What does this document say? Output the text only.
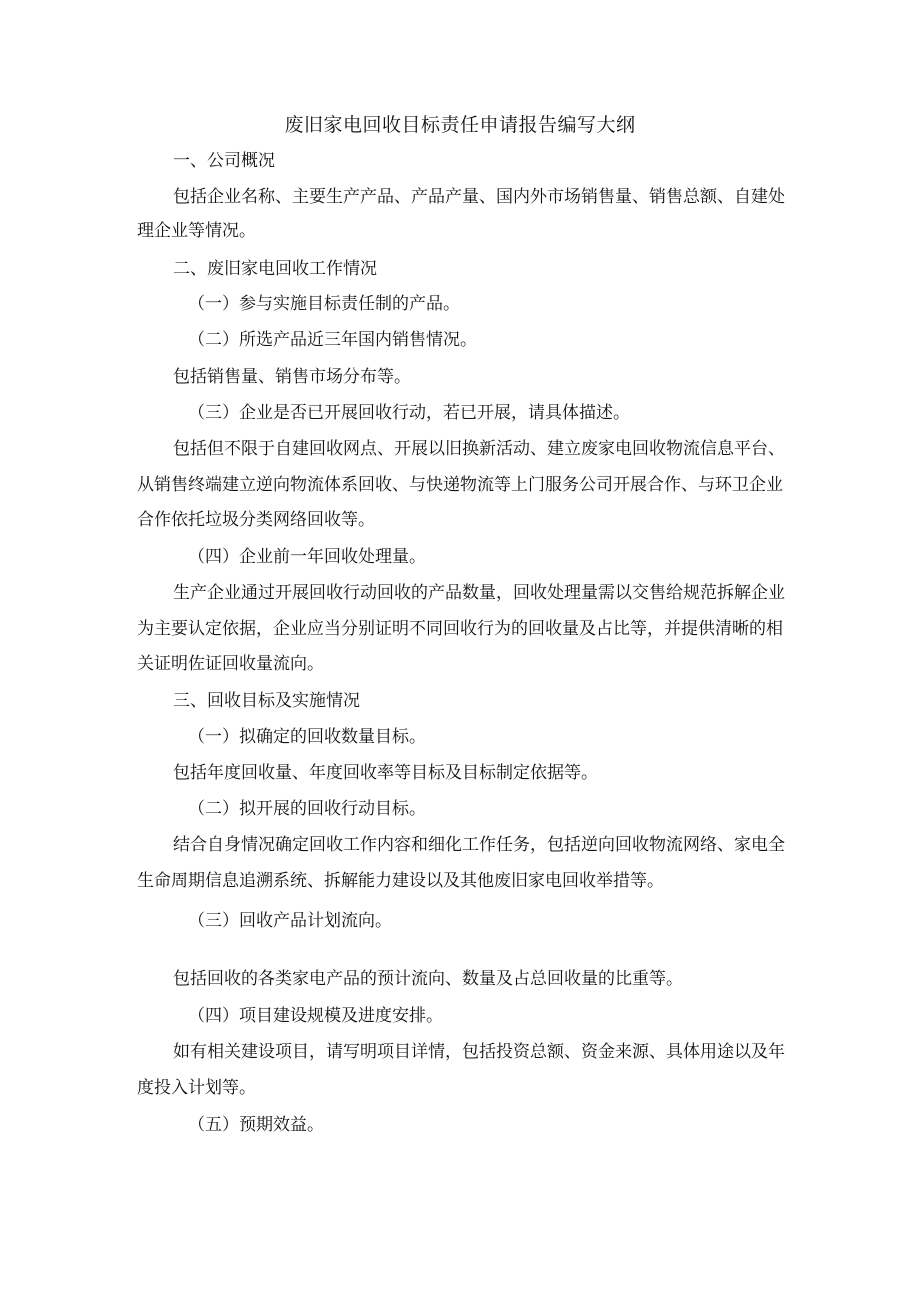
废旧家电回收目标责任申请报告编写大纲
一、公司概况
包括企业名称、主要生产产品、产品产量、国内外市场销售量、销售总额、自建处
理企业等情况。
二、废旧家电回收工作情况
（一）参与实施目标责任制的产品。
（二）所选产品近三年国内销售情况。
包括销售量、销售市场分布等。
（三）企业是否已开展回收行动，若已开展，请具体描述。
包括但不限于自建回收网点、开展以旧换新活动、建立废家电回收物流信息平台、
从销售终端建立逆向物流体系回收、与快递物流等上门服务公司开展合作、与环卫企业
合作依托垃圾分类网络回收等。
（四）企业前一年回收处理量。
生产企业通过开展回收行动回收的产品数量，回收处理量需以交售给规范拆解企业
为主要认定依据，企业应当分别证明不同回收行为的回收量及占比等，并提供清晰的相
关证明佐证回收量流向。
三、回收目标及实施情况
（一）拟确定的回收数量目标。
包括年度回收量、年度回收率等目标及目标制定依据等。
（二）拟开展的回收行动目标。
结合自身情况确定回收工作内容和细化工作任务，包括逆向回收物流网络、家电全
生命周期信息追溯系统、拆解能力建设以及其他废旧家电回收举措等。
（三）回收产品计划流向。
包括回收的各类家电产品的预计流向、数量及占总回收量的比重等。
（四）项目建设规模及进度安排。
如有相关建设项目，请写明项目详情，包括投资总额、资金来源、具体用途以及年
度投入计划等。
（五）预期效益。
